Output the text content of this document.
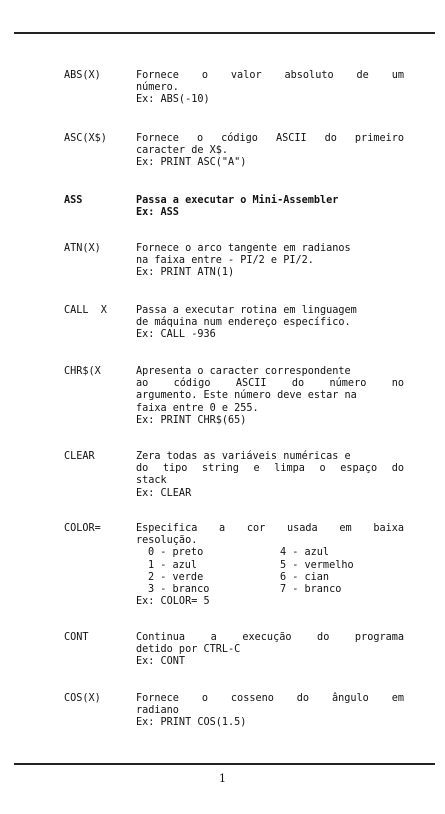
ABS(X)	Fornece o valor absoluto de um
número.
Ex: ABS(-10)
ASC(X$)	Fornece o código ASCII do primeiro
caracter de X$.
Ex: PRINT ASC("A")
ASS	Passa a executar o Mini-Assembler
Ex: ASS
ATN(X)	Fornece o arco tangente em radianos
na faixa entre - PI/2 e PI/2.
Ex: PRINT ATN(1)
CALL  X	Passa a executar rotina em linguagem
de máquina num endereço específico.
Ex: CALL -936
CHR$(X	Apresenta o caracter correspondente
ao código ASCII do número no
argumento. Este número deve estar na
faixa entre 0 e 255.
Ex: PRINT CHR$(65)
CLEAR	Zera todas as variáveis numéricas e
do tipo string e limpa o espaço do
stack
Ex: CLEAR
COLOR=	Especifica a cor usada em baixa
resolução.
0 - preto	4 - azul
1 - azul	5 - vermelho
2 - verde	6 - cian
3 - branco	7 - branco
Ex: COLOR= 5
CONT	Continua a execução do programa
detido por CTRL-C
Ex: CONT
COS(X)	Fornece o cosseno do ângulo em
radiano
Ex: PRINT COS(1.5)
1
